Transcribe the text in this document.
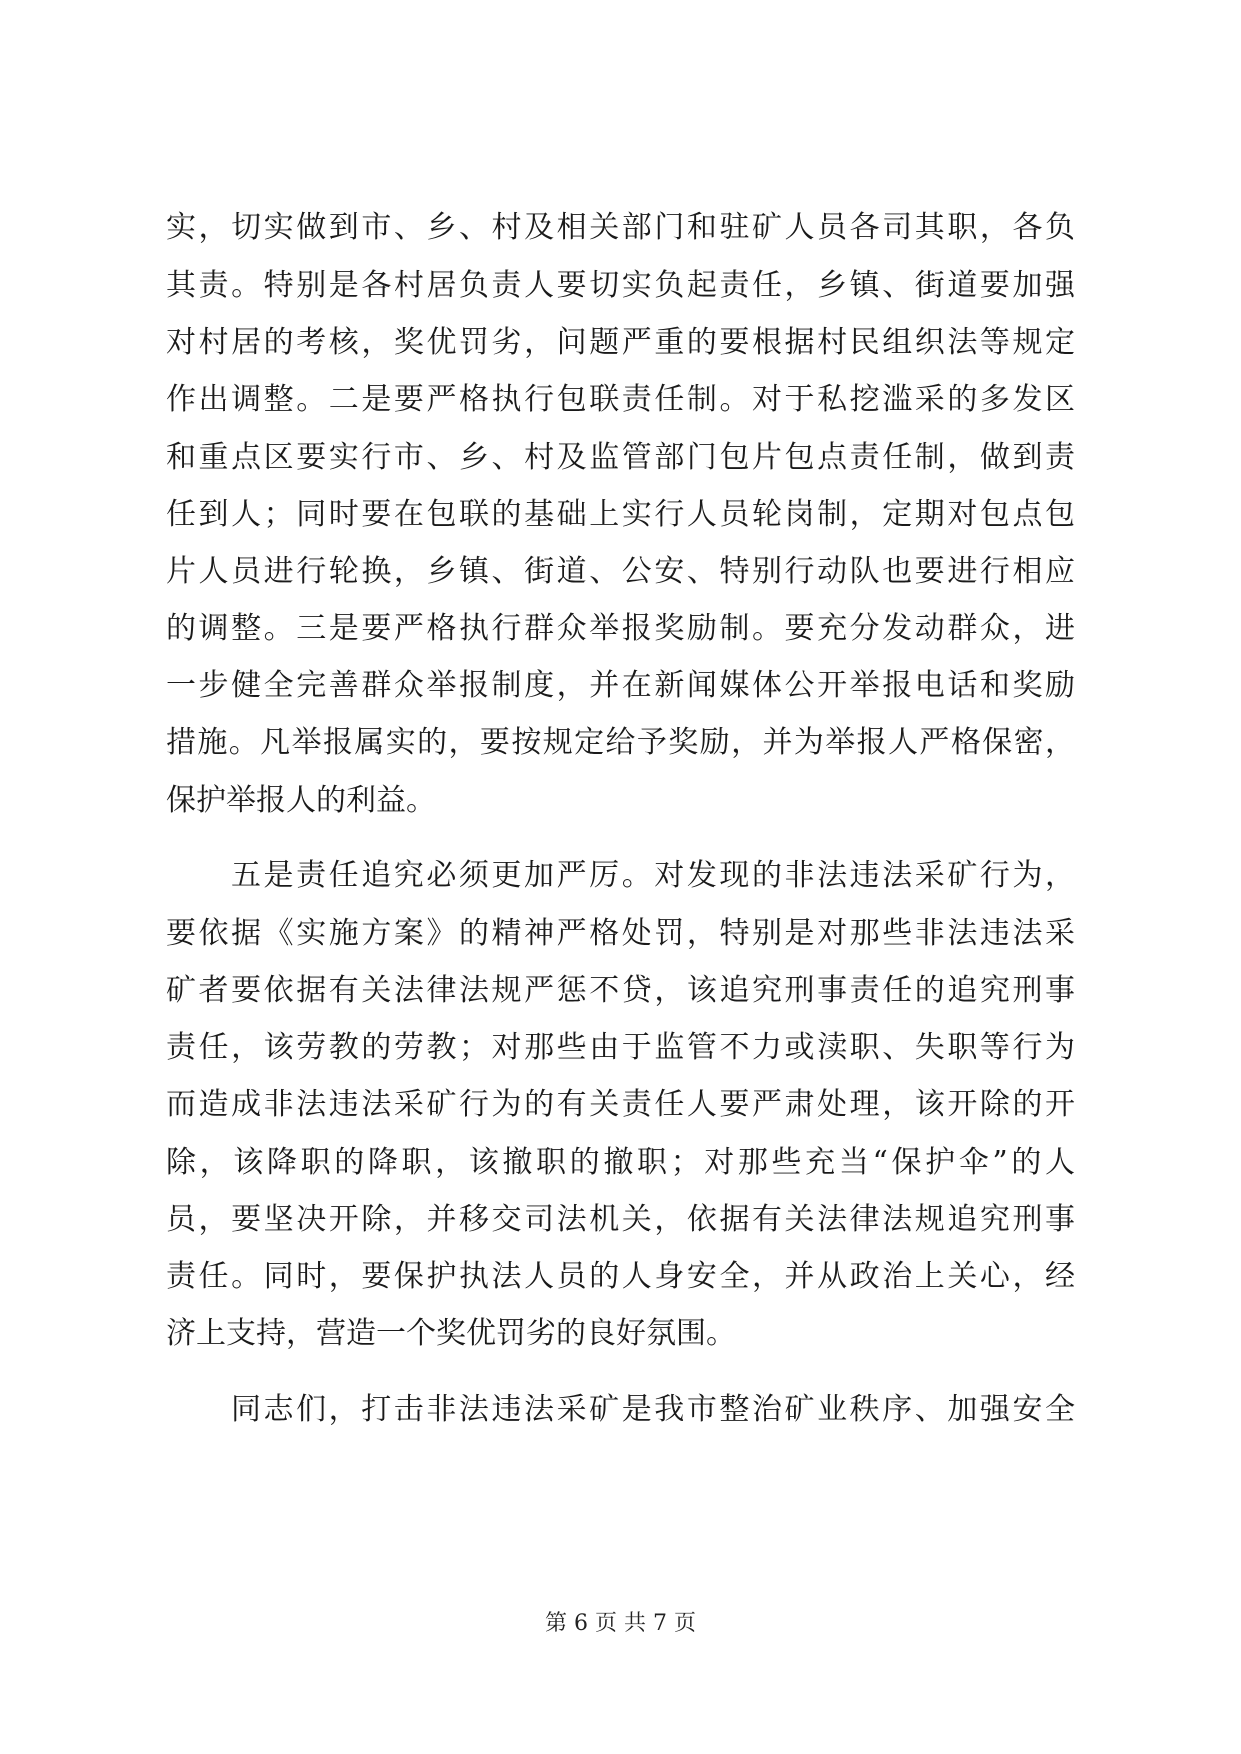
实，切实做到市、乡、村及相关部门和驻矿人员各司其职，各负
其责。特别是各村居负责人要切实负起责任，乡镇、街道要加强
对村居的考核，奖优罚劣，问题严重的要根据村民组织法等规定
作出调整。二是要严格执行包联责任制。对于私挖滥采的多发区
和重点区要实行市、乡、村及监管部门包片包点责任制，做到责
任到人；同时要在包联的基础上实行人员轮岗制，定期对包点包
片人员进行轮换，乡镇、街道、公安、特别行动队也要进行相应
的调整。三是要严格执行群众举报奖励制。要充分发动群众，进
一步健全完善群众举报制度，并在新闻媒体公开举报电话和奖励
措施。凡举报属实的，要按规定给予奖励，并为举报人严格保密，
保护举报人的利益。
五是责任追究必须更加严厉。对发现的非法违法采矿行为，
要依据《实施方案》的精神严格处罚，特别是对那些非法违法采
矿者要依据有关法律法规严惩不贷，该追究刑事责任的追究刑事
责任，该劳教的劳教；对那些由于监管不力或渎职、失职等行为
而造成非法违法采矿行为的有关责任人要严肃处理，该开除的开
除，该降职的降职，该撤职的撤职；对那些充当“保护伞”的人
员，要坚决开除，并移交司法机关，依据有关法律法规追究刑事
责任。同时，要保护执法人员的人身安全，并从政治上关心，经
济上支持，营造一个奖优罚劣的良好氛围。
同志们，打击非法违法采矿是我市整治矿业秩序、加强安全
第 6 页 共 7 页
